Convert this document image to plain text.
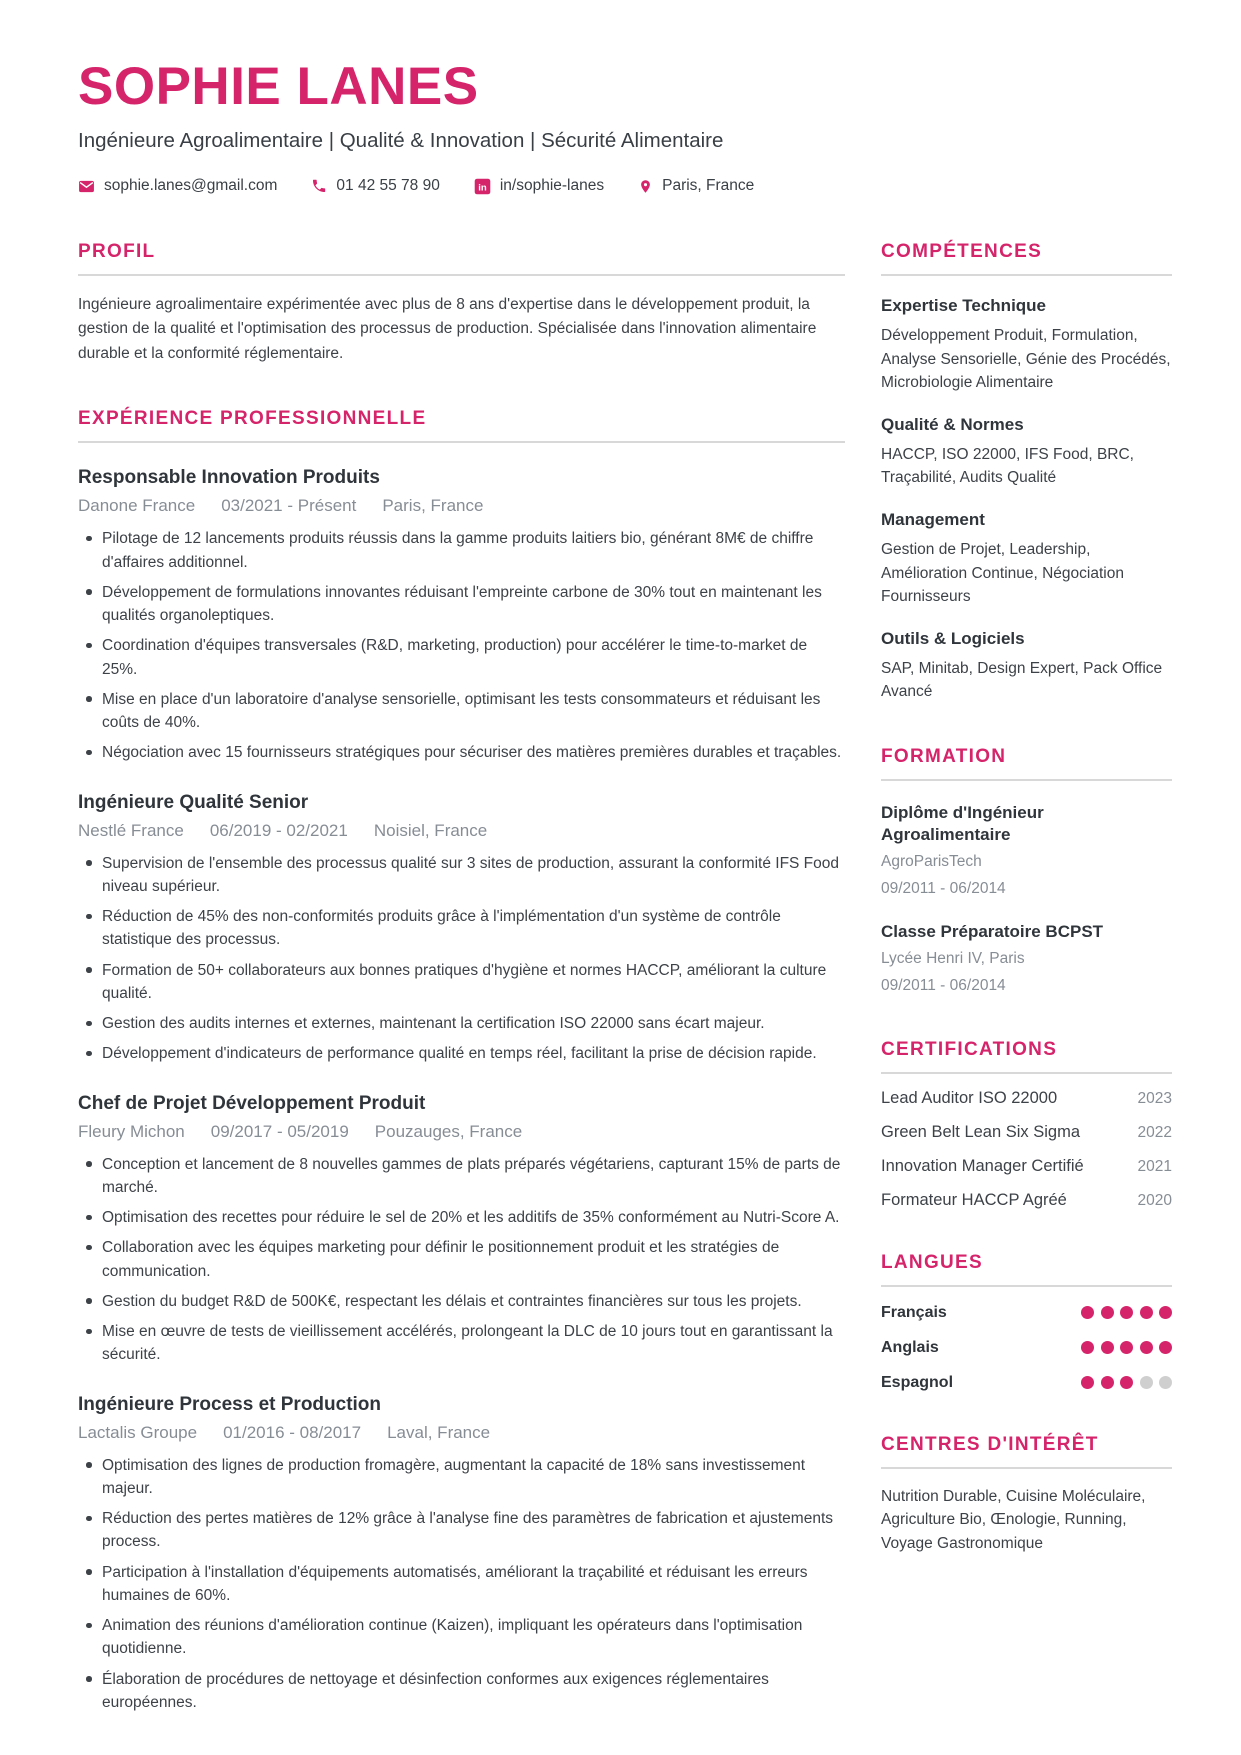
SOPHIE LANES
Ingénieure Agroalimentaire | Qualité & Innovation | Sécurité Alimentaire
sophie.lanes@gmail.com	01 42 55 78 90	in in/sophie-lanes	Paris, France
PROFIL

Ingénieure agroalimentaire expérimentée avec plus de 8 ans d'expertise dans le développement produit, la gestion de la qualité et l'optimisation des processus de production. Spécialisée dans l'innovation alimentaire durable et la conformité réglementaire.

EXPÉRIENCE PROFESSIONNELLE
Responsable Innovation Produits
Danone France 03/2021 - Présent Paris, France
Pilotage de 12 lancements produits réussis dans la gamme produits laitiers bio, générant 8M€ de chiffre d'affaires additionnel.
Développement de formulations innovantes réduisant l'empreinte carbone de 30% tout en maintenant les qualités organoleptiques.
Coordination d'équipes transversales (R&D, marketing, production) pour accélérer le time-to-market de 25%.
Mise en place d'un laboratoire d'analyse sensorielle, optimisant les tests consommateurs et réduisant les coûts de 40%.
Négociation avec 15 fournisseurs stratégiques pour sécuriser des matières premières durables et traçables.
Ingénieure Qualité Senior
Nestlé France 06/2019 - 02/2021 Noisiel, France
Supervision de l'ensemble des processus qualité sur 3 sites de production, assurant la conformité IFS Food niveau supérieur.
Réduction de 45% des non-conformités produits grâce à l'implémentation d'un système de contrôle statistique des processus.
Formation de 50+ collaborateurs aux bonnes pratiques d'hygiène et normes HACCP, améliorant la culture qualité.
Gestion des audits internes et externes, maintenant la certification ISO 22000 sans écart majeur.
Développement d'indicateurs de performance qualité en temps réel, facilitant la prise de décision rapide.
Chef de Projet Développement Produit
Fleury Michon 09/2017 - 05/2019 Pouzauges, France
Conception et lancement de 8 nouvelles gammes de plats préparés végétariens, capturant 15% de parts de marché.
Optimisation des recettes pour réduire le sel de 20% et les additifs de 35% conformément au Nutri-Score A.
Collaboration avec les équipes marketing pour définir le positionnement produit et les stratégies de communication.
Gestion du budget R&D de 500K€, respectant les délais et contraintes financières sur tous les projets.
Mise en œuvre de tests de vieillissement accélérés, prolongeant la DLC de 10 jours tout en garantissant la sécurité.
Ingénieure Process et Production
Lactalis Groupe 01/2016 - 08/2017 Laval, France
Optimisation des lignes de production fromagère, augmentant la capacité de 18% sans investissement majeur.
Réduction des pertes matières de 12% grâce à l'analyse fine des paramètres de fabrication et ajustements process.
Participation à l'installation d'équipements automatisés, améliorant la traçabilité et réduisant les erreurs humaines de 60%.
Animation des réunions d'amélioration continue (Kaizen), impliquant les opérateurs dans l'optimisation quotidienne.
Élaboration de procédures de nettoyage et désinfection conformes aux exigences réglementaires européennes.
COMPÉTENCES
Expertise Technique

Développement Produit, Formulation, Analyse Sensorielle, Génie des Procédés, Microbiologie Alimentaire

Qualité & Normes

HACCP, ISO 22000, IFS Food, BRC, Traçabilité, Audits Qualité

Management

Gestion de Projet, Leadership, Amélioration Continue, Négociation Fournisseurs

Outils & Logiciels

SAP, Minitab, Design Expert, Pack Office Avancé

FORMATION
Diplôme d'Ingénieur Agroalimentaire
AgroParisTech
09/2011 - 06/2014
Classe Préparatoire BCPST
Lycée Henri IV, Paris
09/2011 - 06/2014
CERTIFICATIONS
Lead Auditor ISO 22000	2023
Green Belt Lean Six Sigma	2022
Innovation Manager Certifié	2021
Formateur HACCP Agréé	2020
LANGUES
Français
Anglais
Espagnol
CENTRES D'INTÉRÊT

Nutrition Durable, Cuisine Moléculaire, Agriculture Bio, Œnologie, Running, Voyage Gastronomique
